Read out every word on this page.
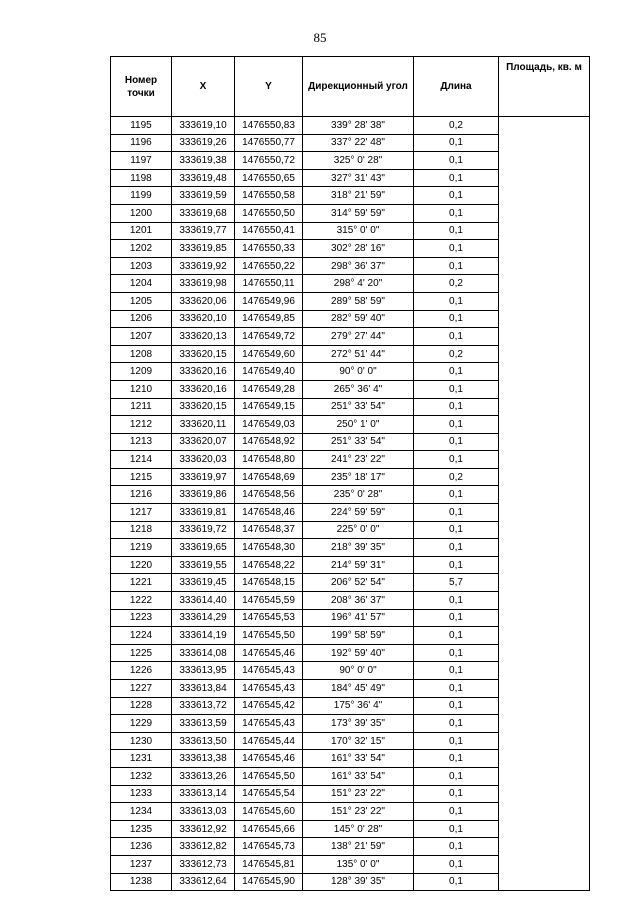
85
Номер точки	X	Y	Дирекционный угол	Длина	Площадь, кв. м
1195	333619,10	1476550,83	339° 28' 38"	0,2	
1196	333619,26	1476550,77	337° 22' 48"	0,1	
1197	333619,38	1476550,72	325° 0' 28"	0,1	
1198	333619,48	1476550,65	327° 31' 43"	0,1	
1199	333619,59	1476550,58	318° 21' 59"	0,1	
1200	333619,68	1476550,50	314° 59' 59"	0,1	
1201	333619,77	1476550,41	315° 0' 0"	0,1	
1202	333619,85	1476550,33	302° 28' 16"	0,1	
1203	333619,92	1476550,22	298° 36' 37"	0,1	
1204	333619,98	1476550,11	298° 4' 20"	0,2	
1205	333620,06	1476549,96	289° 58' 59"	0,1	
1206	333620,10	1476549,85	282° 59' 40"	0,1	
1207	333620,13	1476549,72	279° 27' 44"	0,1	
1208	333620,15	1476549,60	272° 51' 44"	0,2	
1209	333620,16	1476549,40	90° 0' 0"	0,1	
1210	333620,16	1476549,28	265° 36' 4"	0,1	
1211	333620,15	1476549,15	251° 33' 54"	0,1	
1212	333620,11	1476549,03	250° 1' 0"	0,1	
1213	333620,07	1476548,92	251° 33' 54"	0,1	
1214	333620,03	1476548,80	241° 23' 22"	0,1	
1215	333619,97	1476548,69	235° 18' 17"	0,2	
1216	333619,86	1476548,56	235° 0' 28"	0,1	
1217	333619,81	1476548,46	224° 59' 59"	0,1	
1218	333619,72	1476548,37	225° 0' 0"	0,1	
1219	333619,65	1476548,30	218° 39' 35"	0,1	
1220	333619,55	1476548,22	214° 59' 31"	0,1	
1221	333619,45	1476548,15	206° 52' 54"	5,7	
1222	333614,40	1476545,59	208° 36' 37"	0,1	
1223	333614,29	1476545,53	196° 41' 57"	0,1	
1224	333614,19	1476545,50	199° 58' 59"	0,1	
1225	333614,08	1476545,46	192° 59' 40"	0,1	
1226	333613,95	1476545,43	90° 0' 0"	0,1	
1227	333613,84	1476545,43	184° 45' 49"	0,1	
1228	333613,72	1476545,42	175° 36' 4"	0,1	
1229	333613,59	1476545,43	173° 39' 35"	0,1	
1230	333613,50	1476545,44	170° 32' 15"	0,1	
1231	333613,38	1476545,46	161° 33' 54"	0,1	
1232	333613,26	1476545,50	161° 33' 54"	0,1	
1233	333613,14	1476545,54	151° 23' 22"	0,1	
1234	333613,03	1476545,60	151° 23' 22"	0,1	
1235	333612,92	1476545,66	145° 0' 28"	0,1	
1236	333612,82	1476545,73	138° 21' 59"	0,1	
1237	333612,73	1476545,81	135° 0' 0"	0,1	
1238	333612,64	1476545,90	128° 39' 35"	0,1	
